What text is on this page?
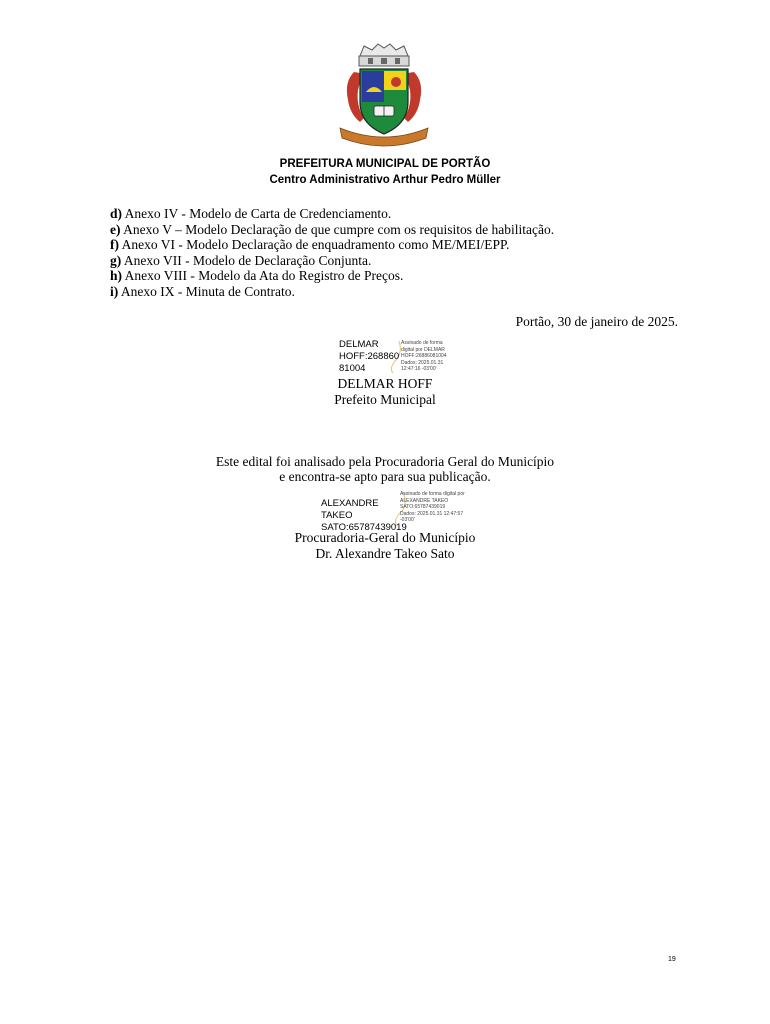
PREFEITURA MUNICIPAL DE PORTÃO
Centro Administrativo Arthur Pedro Müller
d) Anexo IV - Modelo de Carta de Credenciamento.
e) Anexo V – Modelo Declaração de que cumpre com os requisitos de habilitação.
f) Anexo VI - Modelo Declaração de enquadramento como ME/MEI/EPP.
g) Anexo VII - Modelo de Declaração Conjunta.
h) Anexo VIII - Modelo da Ata do Registro de Preços.
i) Anexo IX - Minuta de Contrato.
Portão, 30 de janeiro de 2025.
DELMAR
HOFF:268860
81004
Assinado de forma
digital por DELMAR
HOFF:26886081004
Dados: 2025.01.31
12:47:16 -03'00'
DELMAR HOFF
Prefeito Municipal
Este edital foi analisado pela Procuradoria Geral do Município
e encontra-se apto para sua publicação.
ALEXANDRE TAKEO
SATO:65787439019
Assinado de forma digital por
ALEXANDRE TAKEO
SATO:65787439019
Dados: 2025.01.31 12:47:57
-03'00'
Procuradoria-Geral do Município
Dr. Alexandre Takeo Sato
19
